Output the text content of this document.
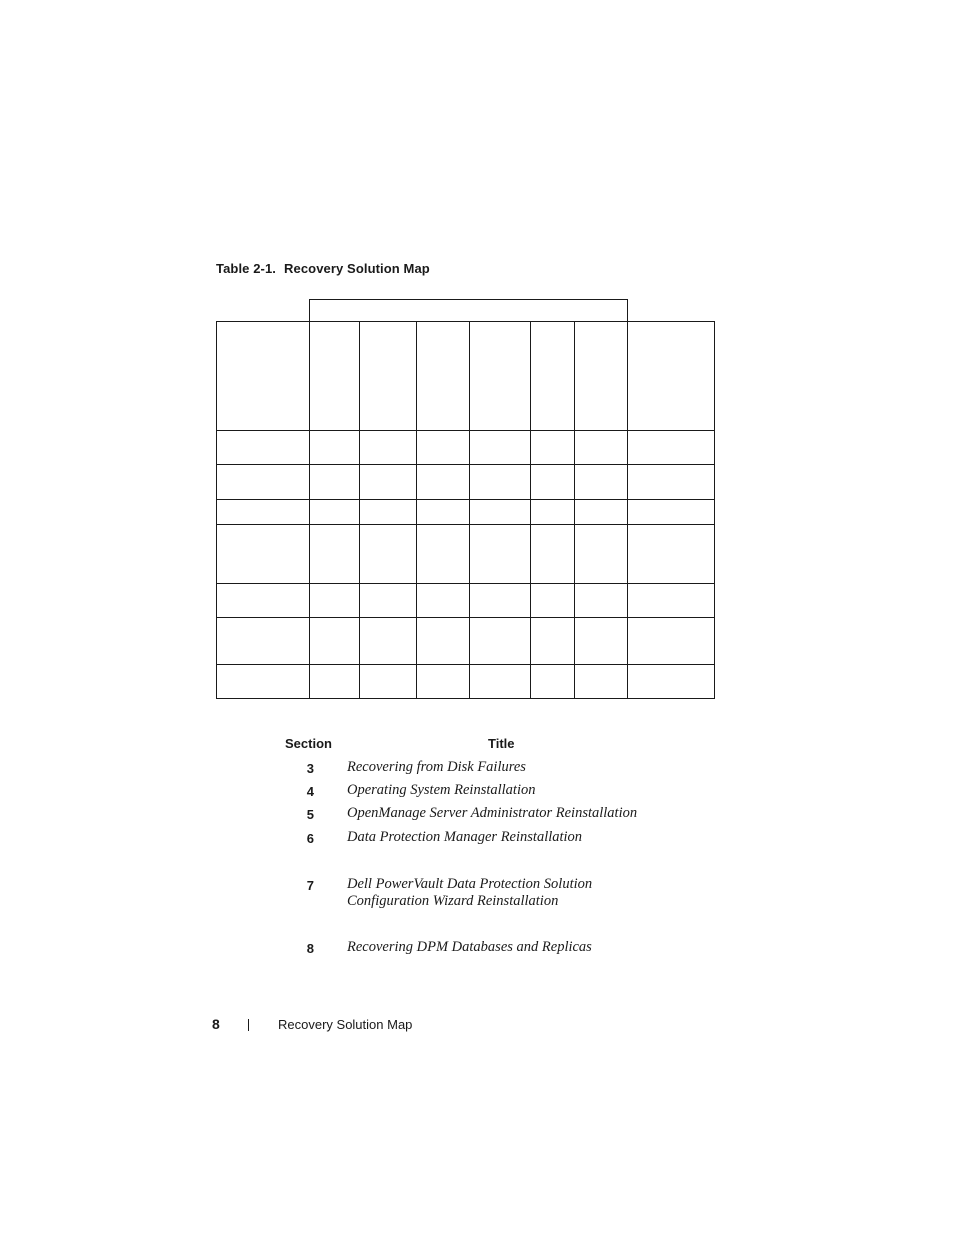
Table 2-1. Recovery Solution Map
Section	Title
3 Recovering from Disk Failures
4 Operating System Reinstallation
5 OpenManage Server Administrator Reinstallation
6 Data Protection Manager Reinstallation
7 Dell PowerVault Data Protection Solution Configuration Wizard Reinstallation
8 Recovering DPM Databases and Replicas
8	Recovery Solution Map
